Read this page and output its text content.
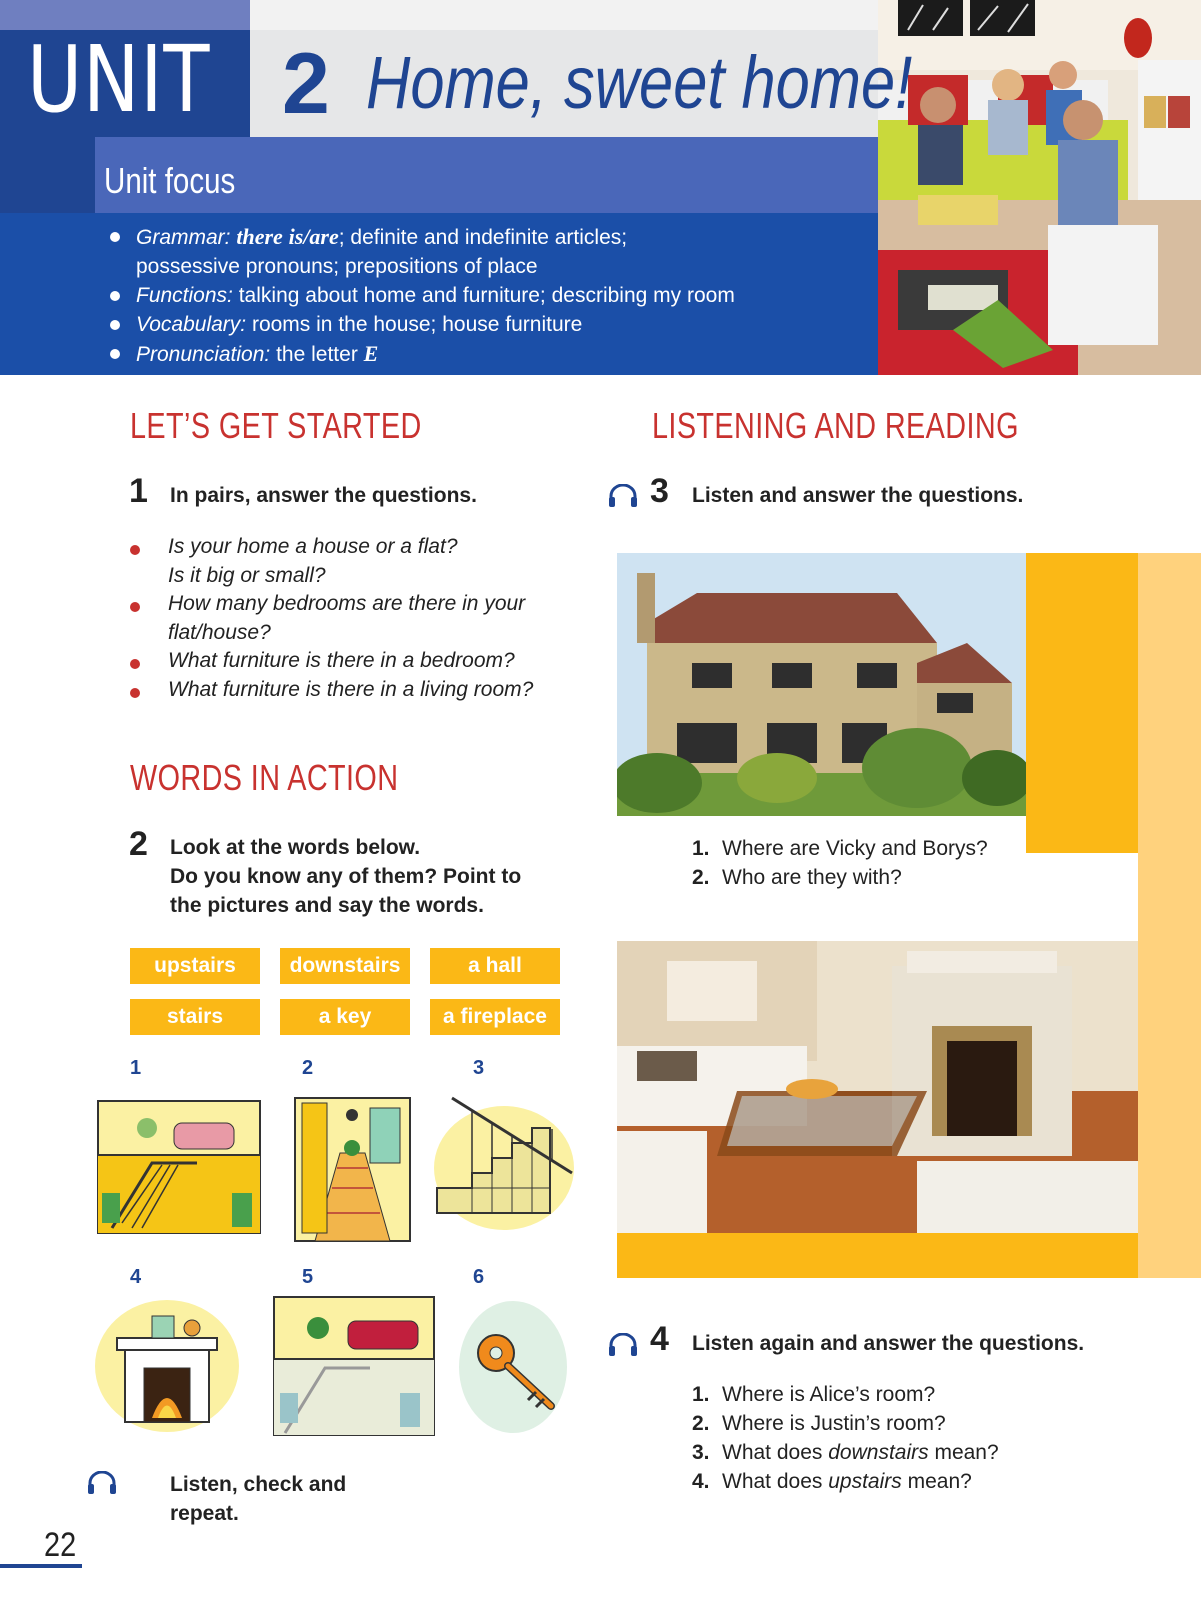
UNIT 2 Home, sweet home!
Unit focus
Grammar: there is/are; definite and indefinite articles;
possessive pronouns; prepositions of place
Functions: talking about home and furniture; describing my room
Vocabulary: rooms in the house; house furniture
Pronunciation: the letter E
LET’S GET STARTED
1 In pairs, answer the questions.
Is your home a house or a flat?
Is it big or small?
How many bedrooms are there in your
flat/house?
What furniture is there in a bedroom?
What furniture is there in a living room?
WORDS IN ACTION
2 Look at the words below.
Do you know any of them? Point to
the pictures and say the words.
upstairs	downstairs	a hall
stairs	a key	a fireplace
1	2	3
4	5	6
Listen, check and
repeat.
LISTENING AND READING
3 Listen and answer the questions.
1. Where are Vicky and Borys?
2. Who are they with?
4 Listen again and answer the questions.
1. Where is Alice’s room?
2. Where is Justin’s room?
3. What does downstairs mean?
4. What does upstairs mean?
22
